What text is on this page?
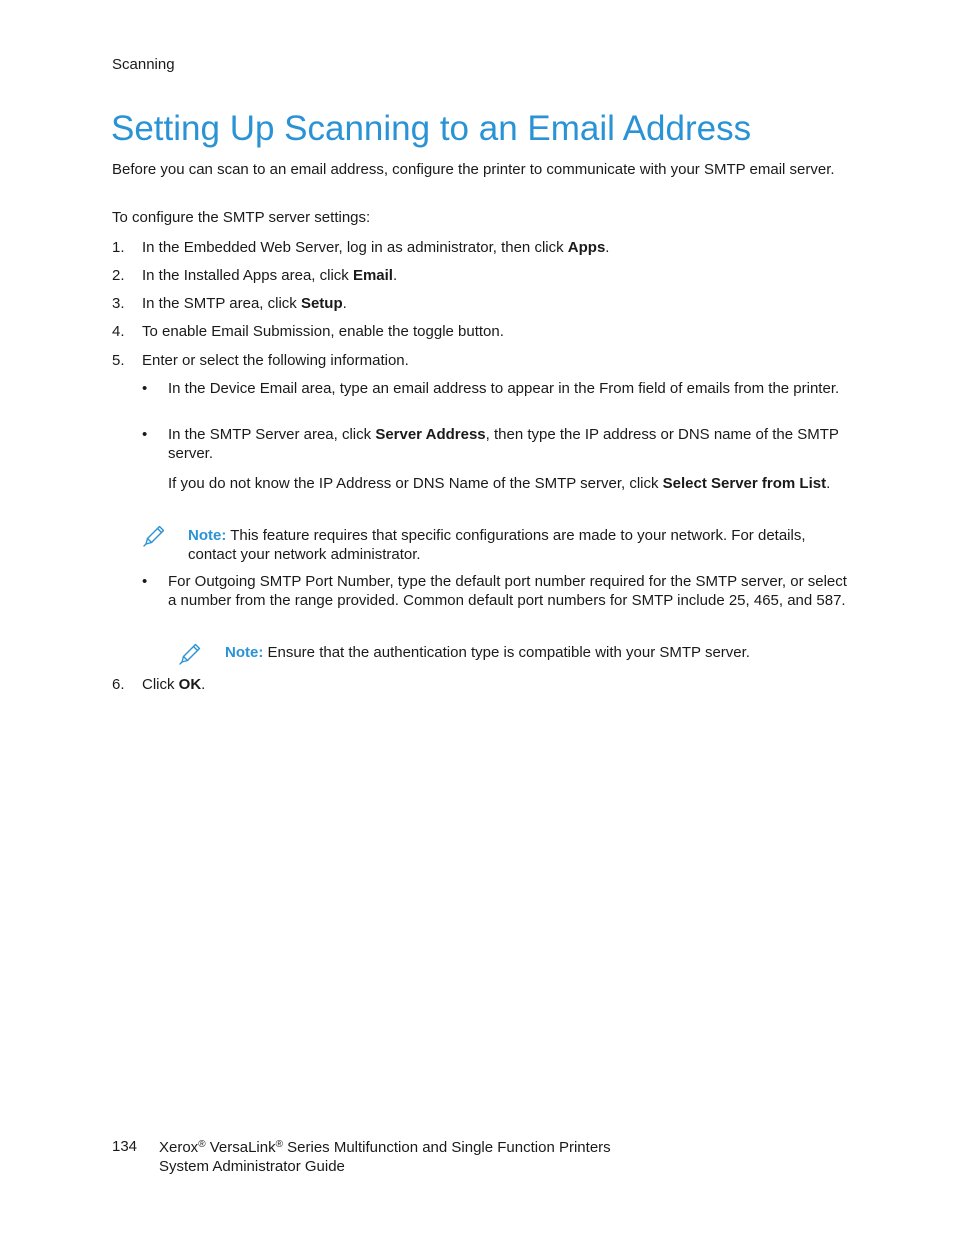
Scanning
Setting Up Scanning to an Email Address
Before you can scan to an email address, configure the printer to communicate with your SMTP email server.
To configure the SMTP server settings:
1. In the Embedded Web Server, log in as administrator, then click Apps.
2. In the Installed Apps area, click Email.
3. In the SMTP area, click Setup.
4. To enable Email Submission, enable the toggle button.
5. Enter or select the following information.
• In the Device Email area, type an email address to appear in the From field of emails from the printer.
• In the SMTP Server area, click Server Address, then type the IP address or DNS name of the SMTP server.
If you do not know the IP Address or DNS Name of the SMTP server, click Select Server from List.
Note: This feature requires that specific configurations are made to your network. For details, contact your network administrator.
• For Outgoing SMTP Port Number, type the default port number required for the SMTP server, or select a number from the range provided. Common default port numbers for SMTP include 25, 465, and 587.
Note: Ensure that the authentication type is compatible with your SMTP server.
6. Click OK.
134 Xerox® VersaLink® Series Multifunction and Single Function Printers
System Administrator Guide
